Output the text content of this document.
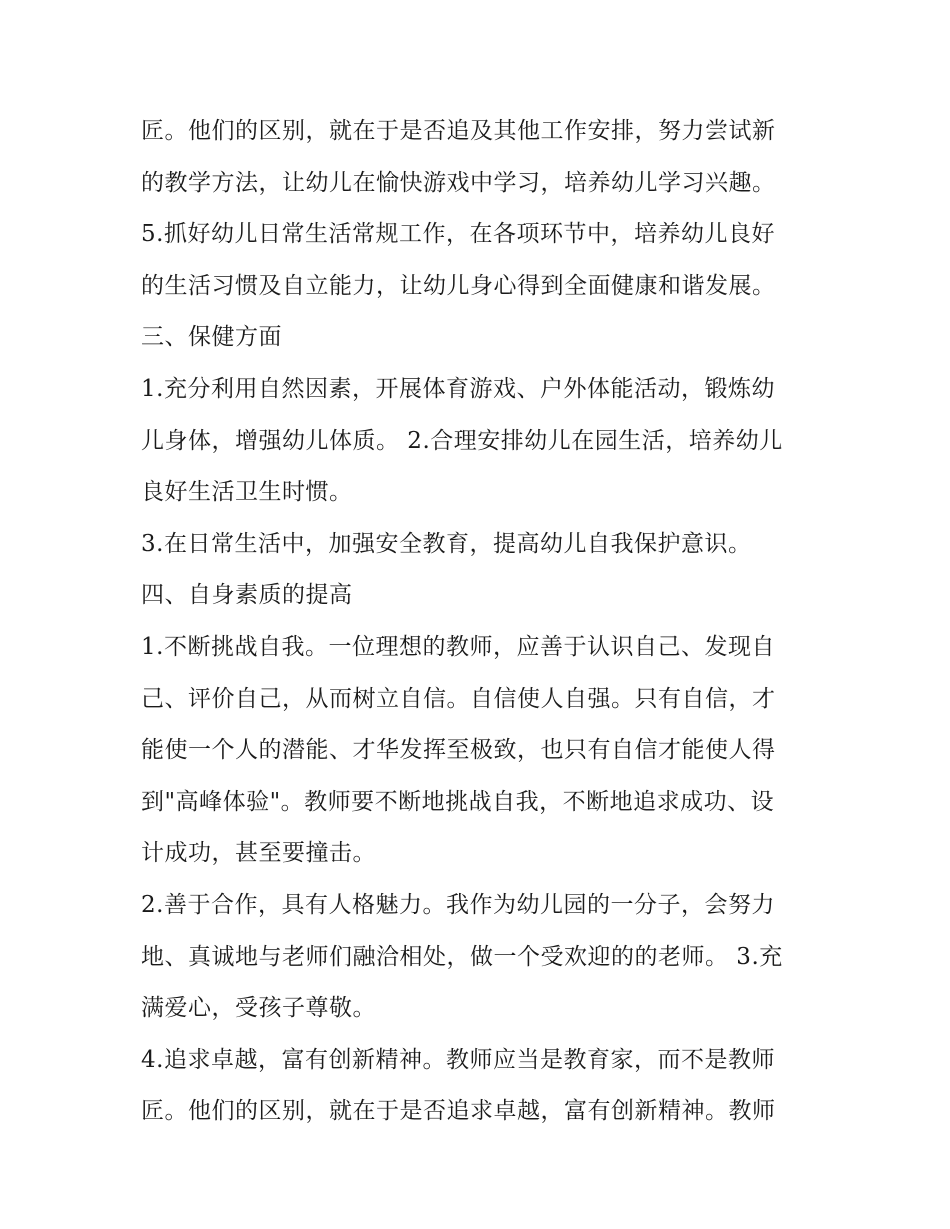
匠。他们的区别，就在于是否追及其他工作安排，努力尝试新
的教学方法，让幼儿在愉快游戏中学习，培养幼儿学习兴趣。
5.抓好幼儿日常生活常规工作，在各项环节中，培养幼儿良好
的生活习惯及自立能力，让幼儿身心得到全面健康和谐发展。
三、保健方面
1.充分利用自然因素，开展体育游戏、户外体能活动，锻炼幼
儿身体，增强幼儿体质。 2.合理安排幼儿在园生活，培养幼儿
良好生活卫生时惯。
3.在日常生活中，加强安全教育，提高幼儿自我保护意识。
四、自身素质的提高
1.不断挑战自我。一位理想的教师，应善于认识自己、发现自
己、评价自己，从而树立自信。自信使人自强。只有自信，才
能使一个人的潜能、才华发挥至极致，也只有自信才能使人得
到"高峰体验"。教师要不断地挑战自我，不断地追求成功、设
计成功，甚至要撞击。
2.善于合作，具有人格魅力。我作为幼儿园的一分子，会努力
地、真诚地与老师们融洽相处，做一个受欢迎的的老师。 3.充
满爱心，受孩子尊敬。
4.追求卓越，富有创新精神。教师应当是教育家，而不是教师
匠。他们的区别，就在于是否追求卓越，富有创新精神。教师
